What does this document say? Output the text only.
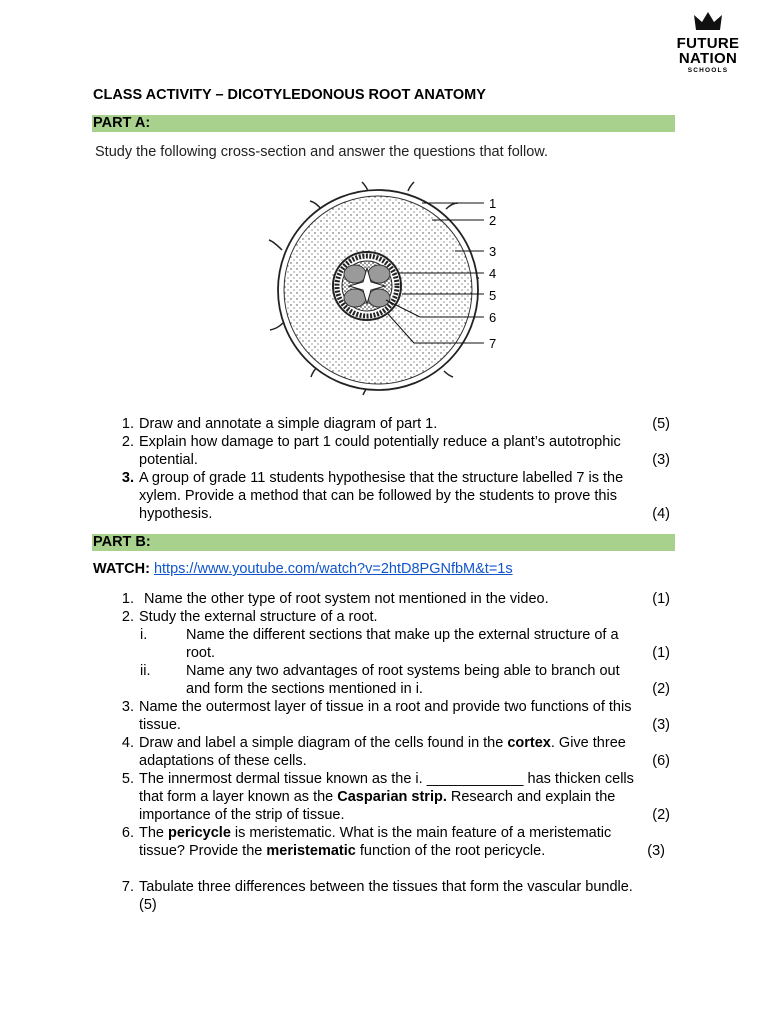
FUTURE
NATION
SCHOOLS
CLASS ACTIVITY – DICOTYLEDONOUS ROOT ANATOMY
PART A:
Study the following cross-section and answer the questions that follow.
1
2
3
4
5
6
7
1. Draw and annotate a simple diagram of part 1.	(5)
2. Explain how damage to part 1 could potentially reduce a plant’s autotrophic
potential.	(3)
3. A group of grade 11 students hypothesise that the structure labelled 7 is the
xylem. Provide a method that can be followed by the students to prove this
hypothesis.	(4)
PART B:
WATCH: https://www.youtube.com/watch?v=2htD8PGNfbM&t=1s
1. Name the other type of root system not mentioned in the video.	(1)
2. Study the external structure of a root.
i.	Name the different sections that make up the external structure of a
root.	(1)
ii. Name any two advantages of root systems being able to branch out
and form the sections mentioned in i.	(2)
3. Name the outermost layer of tissue in a root and provide two functions of this
tissue.	(3)
4. Draw and label a simple diagram of the cells found in the cortex. Give three
adaptations of these cells.	(6)
5. The innermost dermal tissue known as the i. ____________ has thicken cells
that form a layer known as the Casparian strip. Research and explain the
importance of the strip of tissue.	(2)
6. The pericycle is meristematic. What is the main feature of a meristematic
tissue? Provide the meristematic function of the root pericycle.	(3)
7. Tabulate three differences between the tissues that form the vascular bundle.
(5)
